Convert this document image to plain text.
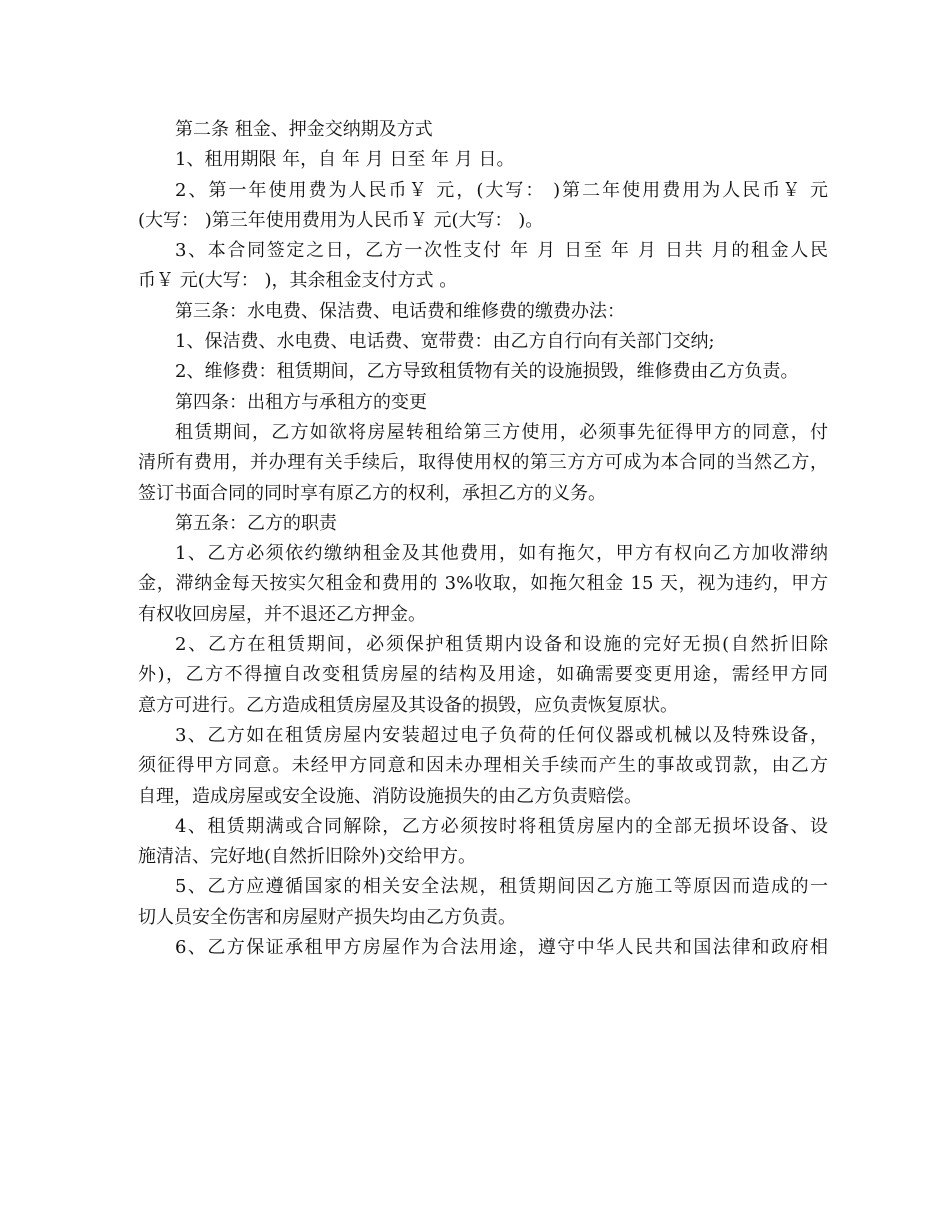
第二条 租金、押金交纳期及方式
1、租用期限 年，自 年 月 日至 年 月 日。
2、第一年使用费为人民币￥ 元，(大写： )第二年使用费用为人民币￥ 元
(大写： )第三年使用费用为人民币￥ 元(大写： )。
3、本合同签定之日，乙方一次性支付 年 月 日至 年 月 日共 月的租金人民
币￥ 元(大写： )，其余租金支付方式 。
第三条：水电费、保洁费、电话费和维修费的缴费办法：
1、保洁费、水电费、电话费、宽带费：由乙方自行向有关部门交纳;
2、维修费：租赁期间，乙方导致租赁物有关的设施损毁，维修费由乙方负责。
第四条：出租方与承租方的变更
租赁期间，乙方如欲将房屋转租给第三方使用，必须事先征得甲方的同意，付
清所有费用，并办理有关手续后，取得使用权的第三方方可成为本合同的当然乙方，
签订书面合同的同时享有原乙方的权利，承担乙方的义务。
第五条：乙方的职责
1、乙方必须依约缴纳租金及其他费用，如有拖欠，甲方有权向乙方加收滞纳
金，滞纳金每天按实欠租金和费用的 3%收取，如拖欠租金 15 天，视为违约，甲方
有权收回房屋，并不退还乙方押金。
2、乙方在租赁期间，必须保护租赁期内设备和设施的完好无损(自然折旧除
外)，乙方不得擅自改变租赁房屋的结构及用途，如确需要变更用途，需经甲方同
意方可进行。乙方造成租赁房屋及其设备的损毁，应负责恢复原状。
3、乙方如在租赁房屋内安装超过电子负荷的任何仪器或机械以及特殊设备，
须征得甲方同意。未经甲方同意和因未办理相关手续而产生的事故或罚款，由乙方
自理，造成房屋或安全设施、消防设施损失的由乙方负责赔偿。
4、租赁期满或合同解除，乙方必须按时将租赁房屋内的全部无损坏设备、设
施清洁、完好地(自然折旧除外)交给甲方。
5、乙方应遵循国家的相关安全法规，租赁期间因乙方施工等原因而造成的一
切人员安全伤害和房屋财产损失均由乙方负责。
6、乙方保证承租甲方房屋作为合法用途，遵守中华人民共和国法律和政府相
